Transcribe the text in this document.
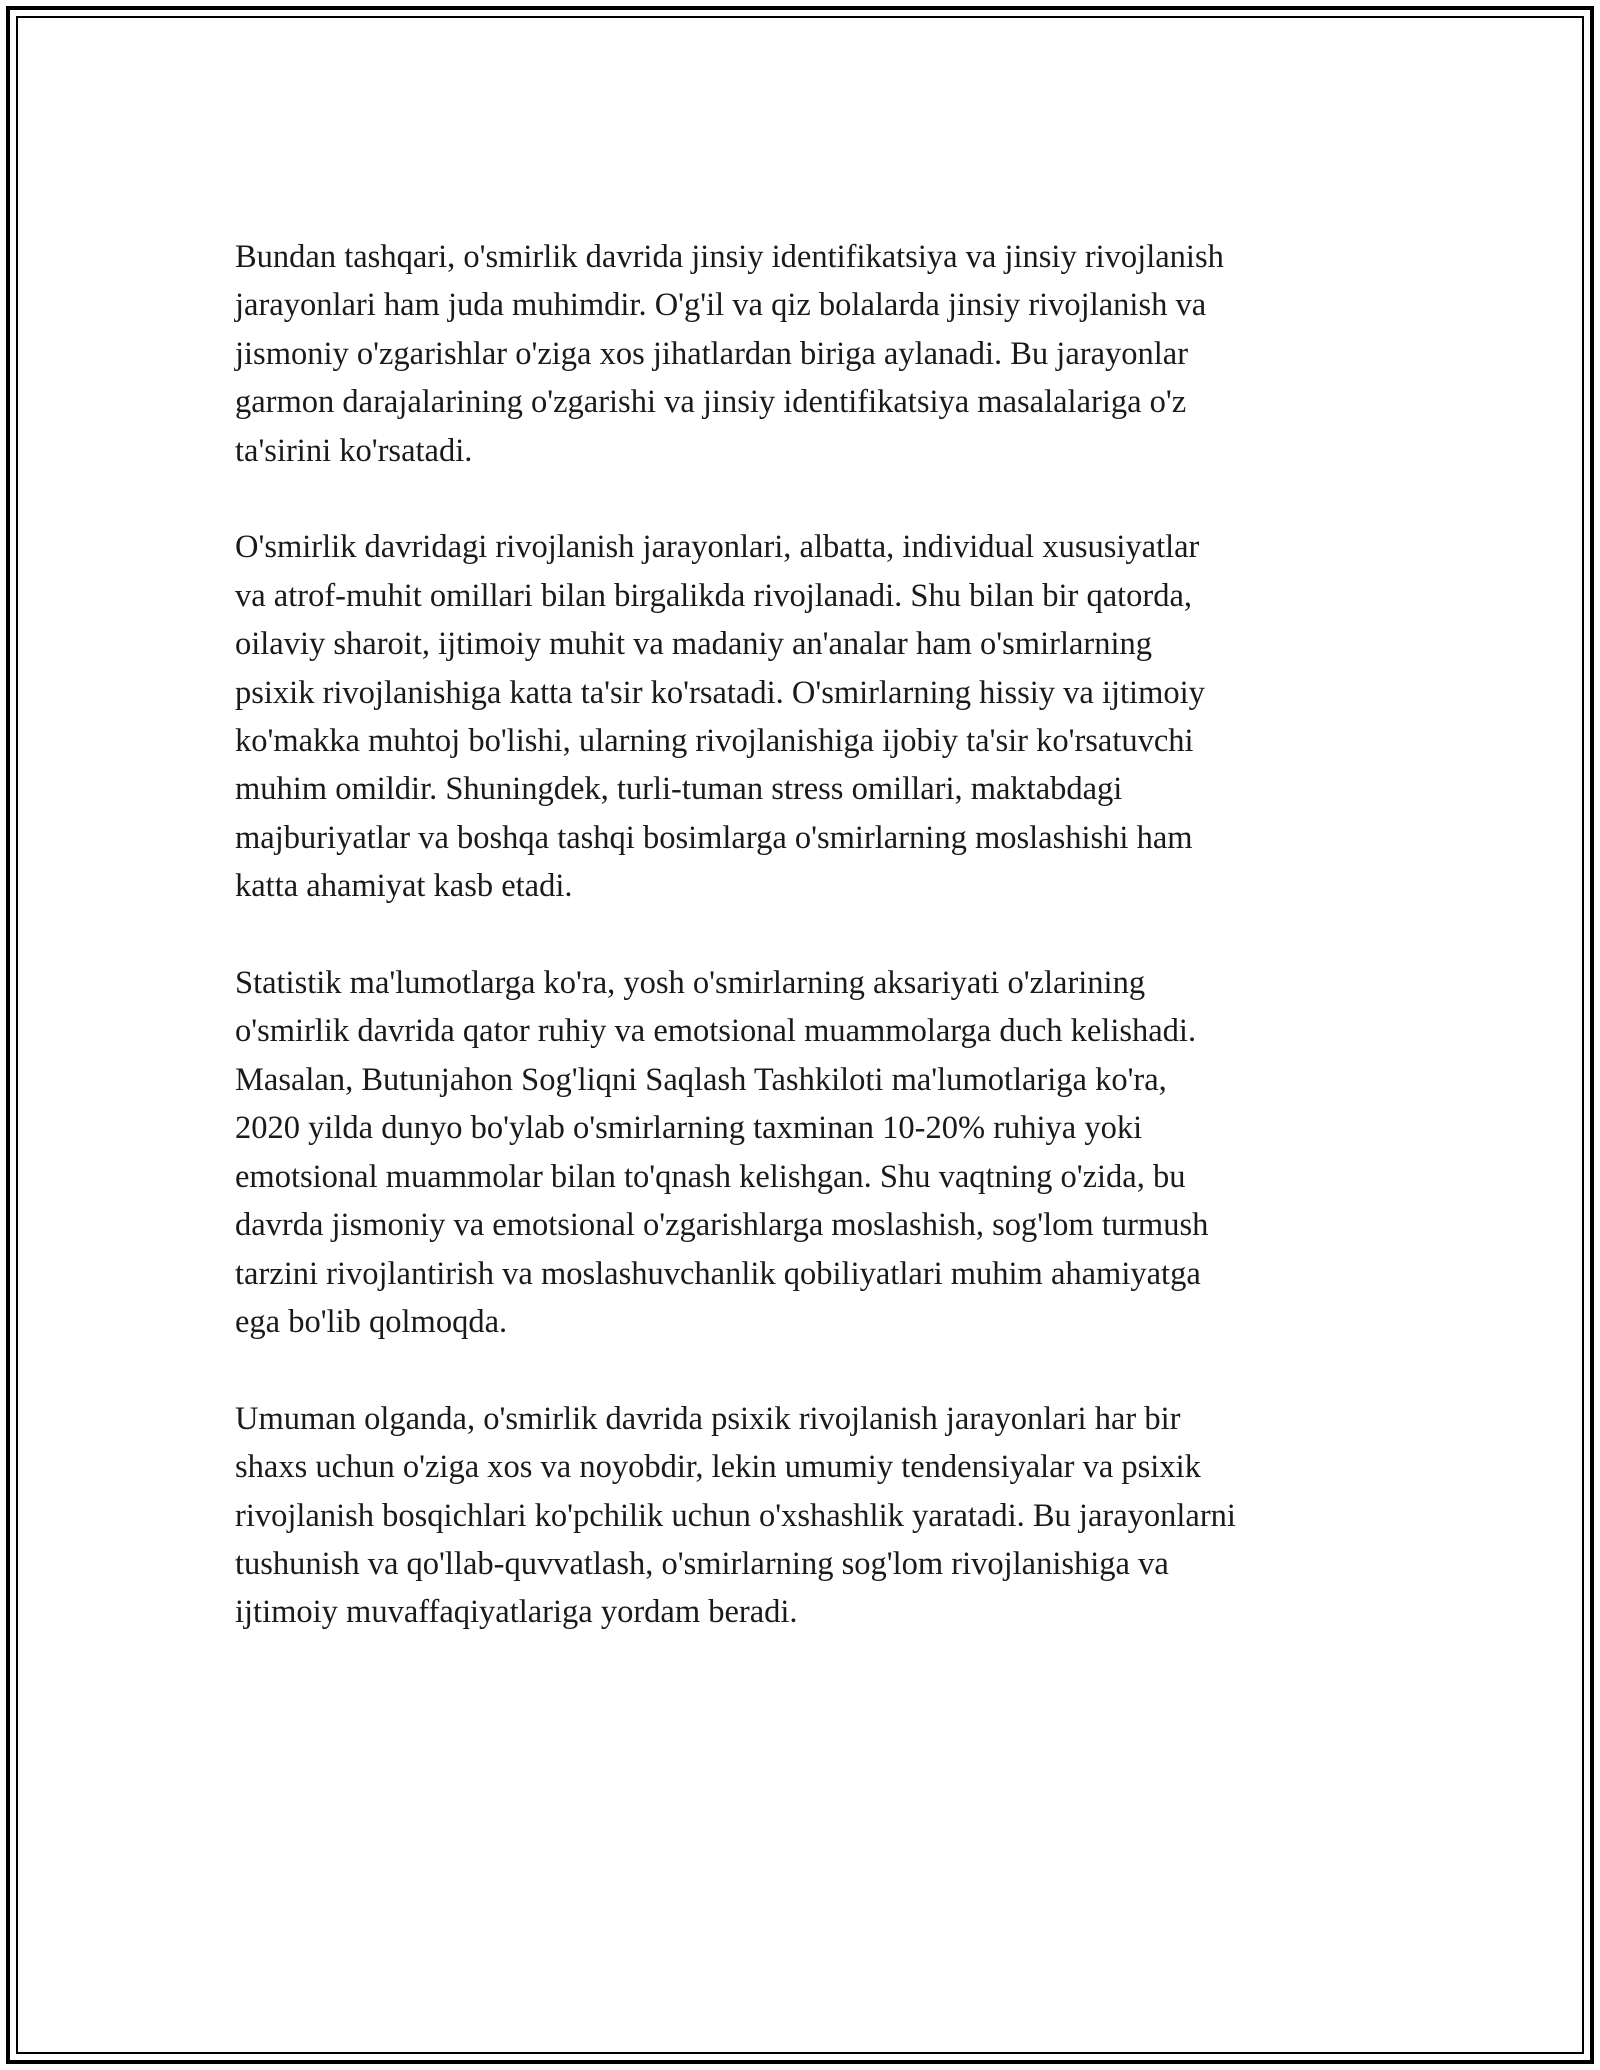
Bundan tashqari, o'smirlik davrida jinsiy identifikatsiya va jinsiy rivojlanish
jarayonlari ham juda muhimdir. O'g'il va qiz bolalarda jinsiy rivojlanish va
jismoniy o'zgarishlar o'ziga xos jihatlardan biriga aylanadi. Bu jarayonlar
garmon darajalarining o'zgarishi va jinsiy identifikatsiya masalalariga o'z
ta'sirini ko'rsatadi.

O'smirlik davridagi rivojlanish jarayonlari, albatta, individual xususiyatlar
va atrof-muhit omillari bilan birgalikda rivojlanadi. Shu bilan bir qatorda,
oilaviy sharoit, ijtimoiy muhit va madaniy an'analar ham o'smirlarning
psixik rivojlanishiga katta ta'sir ko'rsatadi. O'smirlarning hissiy va ijtimoiy
ko'makka muhtoj bo'lishi, ularning rivojlanishiga ijobiy ta'sir ko'rsatuvchi
muhim omildir. Shuningdek, turli-tuman stress omillari, maktabdagi
majburiyatlar va boshqa tashqi bosimlarga o'smirlarning moslashishi ham
katta ahamiyat kasb etadi.

Statistik ma'lumotlarga ko'ra, yosh o'smirlarning aksariyati o'zlarining
o'smirlik davrida qator ruhiy va emotsional muammolarga duch kelishadi.
Masalan, Butunjahon Sog'liqni Saqlash Tashkiloti ma'lumotlariga ko'ra,
2020 yilda dunyo bo'ylab o'smirlarning taxminan 10-20% ruhiya yoki
emotsional muammolar bilan to'qnash kelishgan. Shu vaqtning o'zida, bu
davrda jismoniy va emotsional o'zgarishlarga moslashish, sog'lom turmush
tarzini rivojlantirish va moslashuvchanlik qobiliyatlari muhim ahamiyatga
ega bo'lib qolmoqda.

Umuman olganda, o'smirlik davrida psixik rivojlanish jarayonlari har bir
shaxs uchun o'ziga xos va noyobdir, lekin umumiy tendensiyalar va psixik
rivojlanish bosqichlari ko'pchilik uchun o'xshashlik yaratadi. Bu jarayonlarni
tushunish va qo'llab-quvvatlash, o'smirlarning sog'lom rivojlanishiga va
ijtimoiy muvaffaqiyatlariga yordam beradi.
